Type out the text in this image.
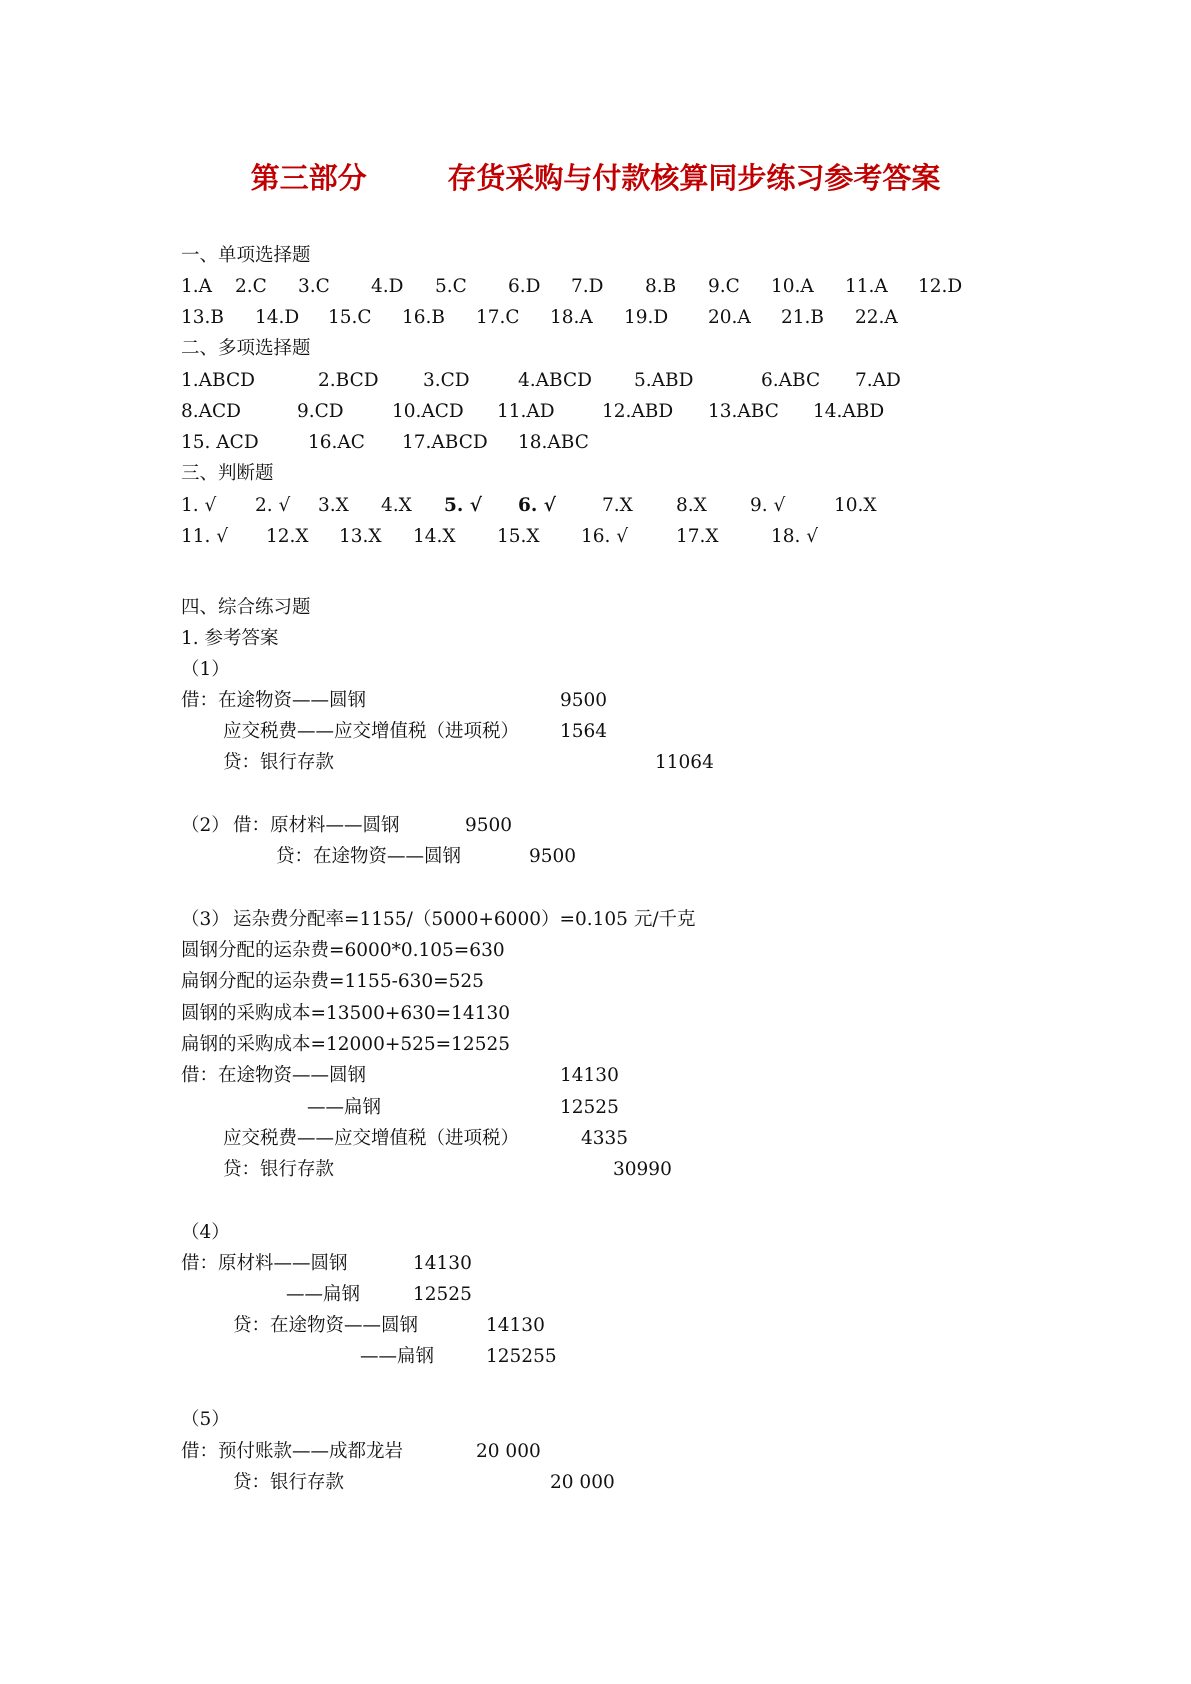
第三部分	存货采购与付款核算同步练习参考答案
一、单项选择题
1.A 2.C 3.C 4.D 5.C 6.D 7.D 8.B 9.C 10.A 11.A 12.D
13.B 14.D 15.C 16.B 17.C 18.A 19.D 20.A 21.B 22.A
二、多项选择题
1.ABCD	2.BCD 3.CD	4.ABCD 5.ABD	6.ABC 7.AD
8.ACD	9.CD	10.ACD 11.AD	12.ABD 13.ABC 14.ABD
15. ACD	16.AC 17.ABCD 18.ABC
三、判断题
1. √ 2. √ 3.X 4.X 5. √ 6. √ 7.X 8.X 9. √	10.X
11. √ 12.X 13.X 14.X 15.X 16. √	17.X	18. √
四、综合练习题
1. 参考答案
（1）
借：在途物资——圆钢	9500
应交税费——应交增值税（进项税） 1564
贷：银行存款	11064
（2） 借：原材料——圆钢	9500
贷：在途物资——圆钢	9500
（3） 运杂费分配率=1155/（5000+6000）=0.105 元/千克
圆钢分配的运杂费=6000*0.105=630
扁钢分配的运杂费=1155-630=525
圆钢的采购成本=13500+630=14130
扁钢的采购成本=12000+525=12525
借：在途物资——圆钢	14130
——扁钢	12525
应交税费——应交增值税（进项税）	4335
贷：银行存款	30990
（4）
借：原材料——圆钢	14130
——扁钢	12525
贷：在途物资——圆钢	14130
——扁钢	125255
（5）
借：预付账款——成都龙岩	20 000
贷：银行存款	20 000
